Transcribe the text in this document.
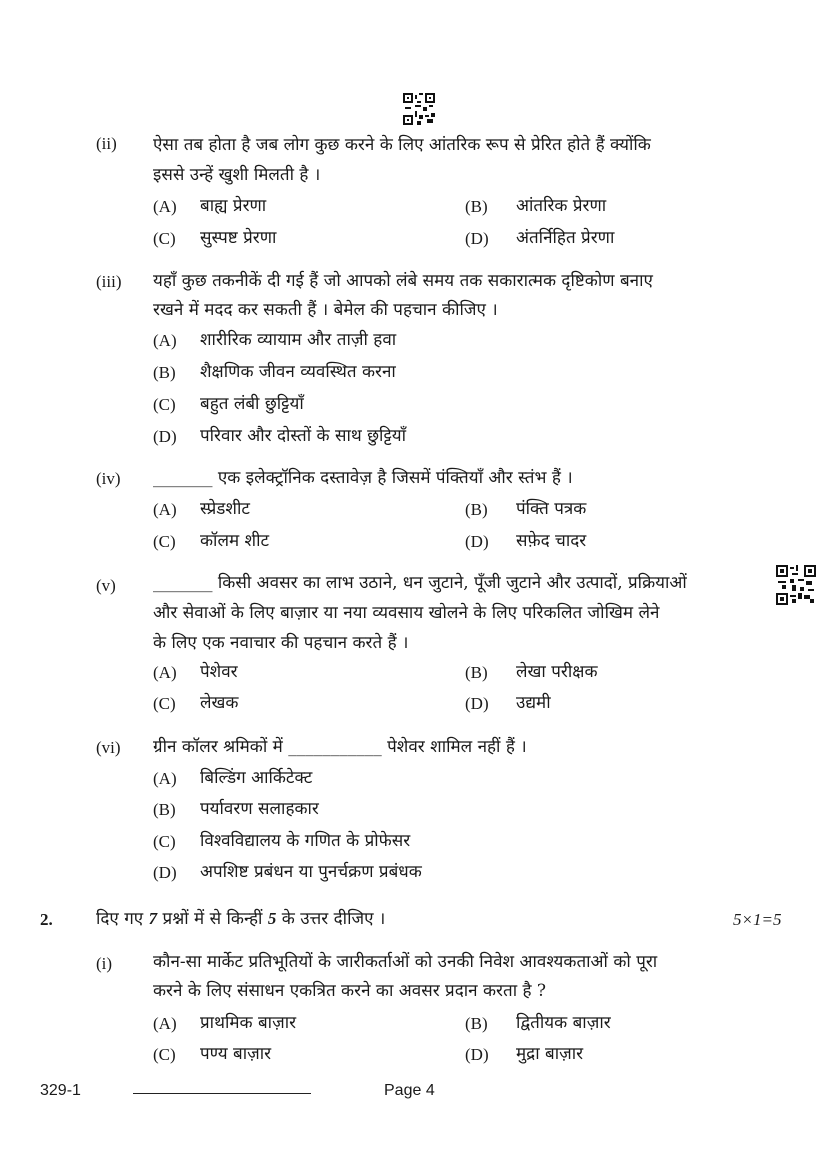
(ii) ऐसा तब होता है जब लोग कुछ करने के लिए आंतरिक रूप से प्रेरित होते हैं क्योंकि
इससे उन्हें खुशी मिलती है ।
(A) बाह्य प्रेरणा	(B) आंतरिक प्रेरणा
(C) सुस्पष्ट प्रेरणा	(D) अंतर्निहित प्रेरणा
(iii) यहाँ कुछ तकनीकें दी गई हैं जो आपको लंबे समय तक सकारात्मक दृष्टिकोण बनाए
रखने में मदद कर सकती हैं । बेमेल की पहचान कीजिए ।
(A) शारीरिक व्यायाम और ताज़ी हवा
(B) शैक्षणिक जीवन व्यवस्थित करना
(C) बहुत लंबी छुट्टियाँ
(D) परिवार और दोस्तों के साथ छुट्टियाँ
(iv) _______ एक इलेक्ट्रॉनिक दस्तावेज़ है जिसमें पंक्तियाँ और स्तंभ हैं ।
(A) स्प्रेडशीट	(B) पंक्ति पत्रक
(C) कॉलम शीट	(D) सफ़ेद चादर
(v) _______ किसी अवसर का लाभ उठाने, धन जुटाने, पूँजी जुटाने और उत्पादों, प्रक्रियाओं
और सेवाओं के लिए बाज़ार या नया व्यवसाय खोलने के लिए परिकलित जोखिम लेने
के लिए एक नवाचार की पहचान करते हैं ।
(A) पेशेवर	(B) लेखा परीक्षक
(C) लेखक	(D) उद्यमी
(vi) ग्रीन कॉलर श्रमिकों में ___________ पेशेवर शामिल नहीं हैं ।
(A) बिल्डिंग आर्किटेक्ट
(B) पर्यावरण सलाहकार
(C) विश्वविद्यालय के गणित के प्रोफेसर
(D) अपशिष्ट प्रबंधन या पुनर्चक्रण प्रबंधक
2.	दिए गए 7 प्रश्नों में से किन्हीं 5 के उत्तर दीजिए ।	5×1=5
(i) कौन-सा मार्केट प्रतिभूतियों के जारीकर्ताओं को उनकी निवेश आवश्यकताओं को पूरा
करने के लिए संसाधन एकत्रित करने का अवसर प्रदान करता है ?
(A) प्राथमिक बाज़ार	(B) द्वितीयक बाज़ार
(C) पण्य बाज़ार	(D) मुद्रा बाज़ार
329-1	Page 4
